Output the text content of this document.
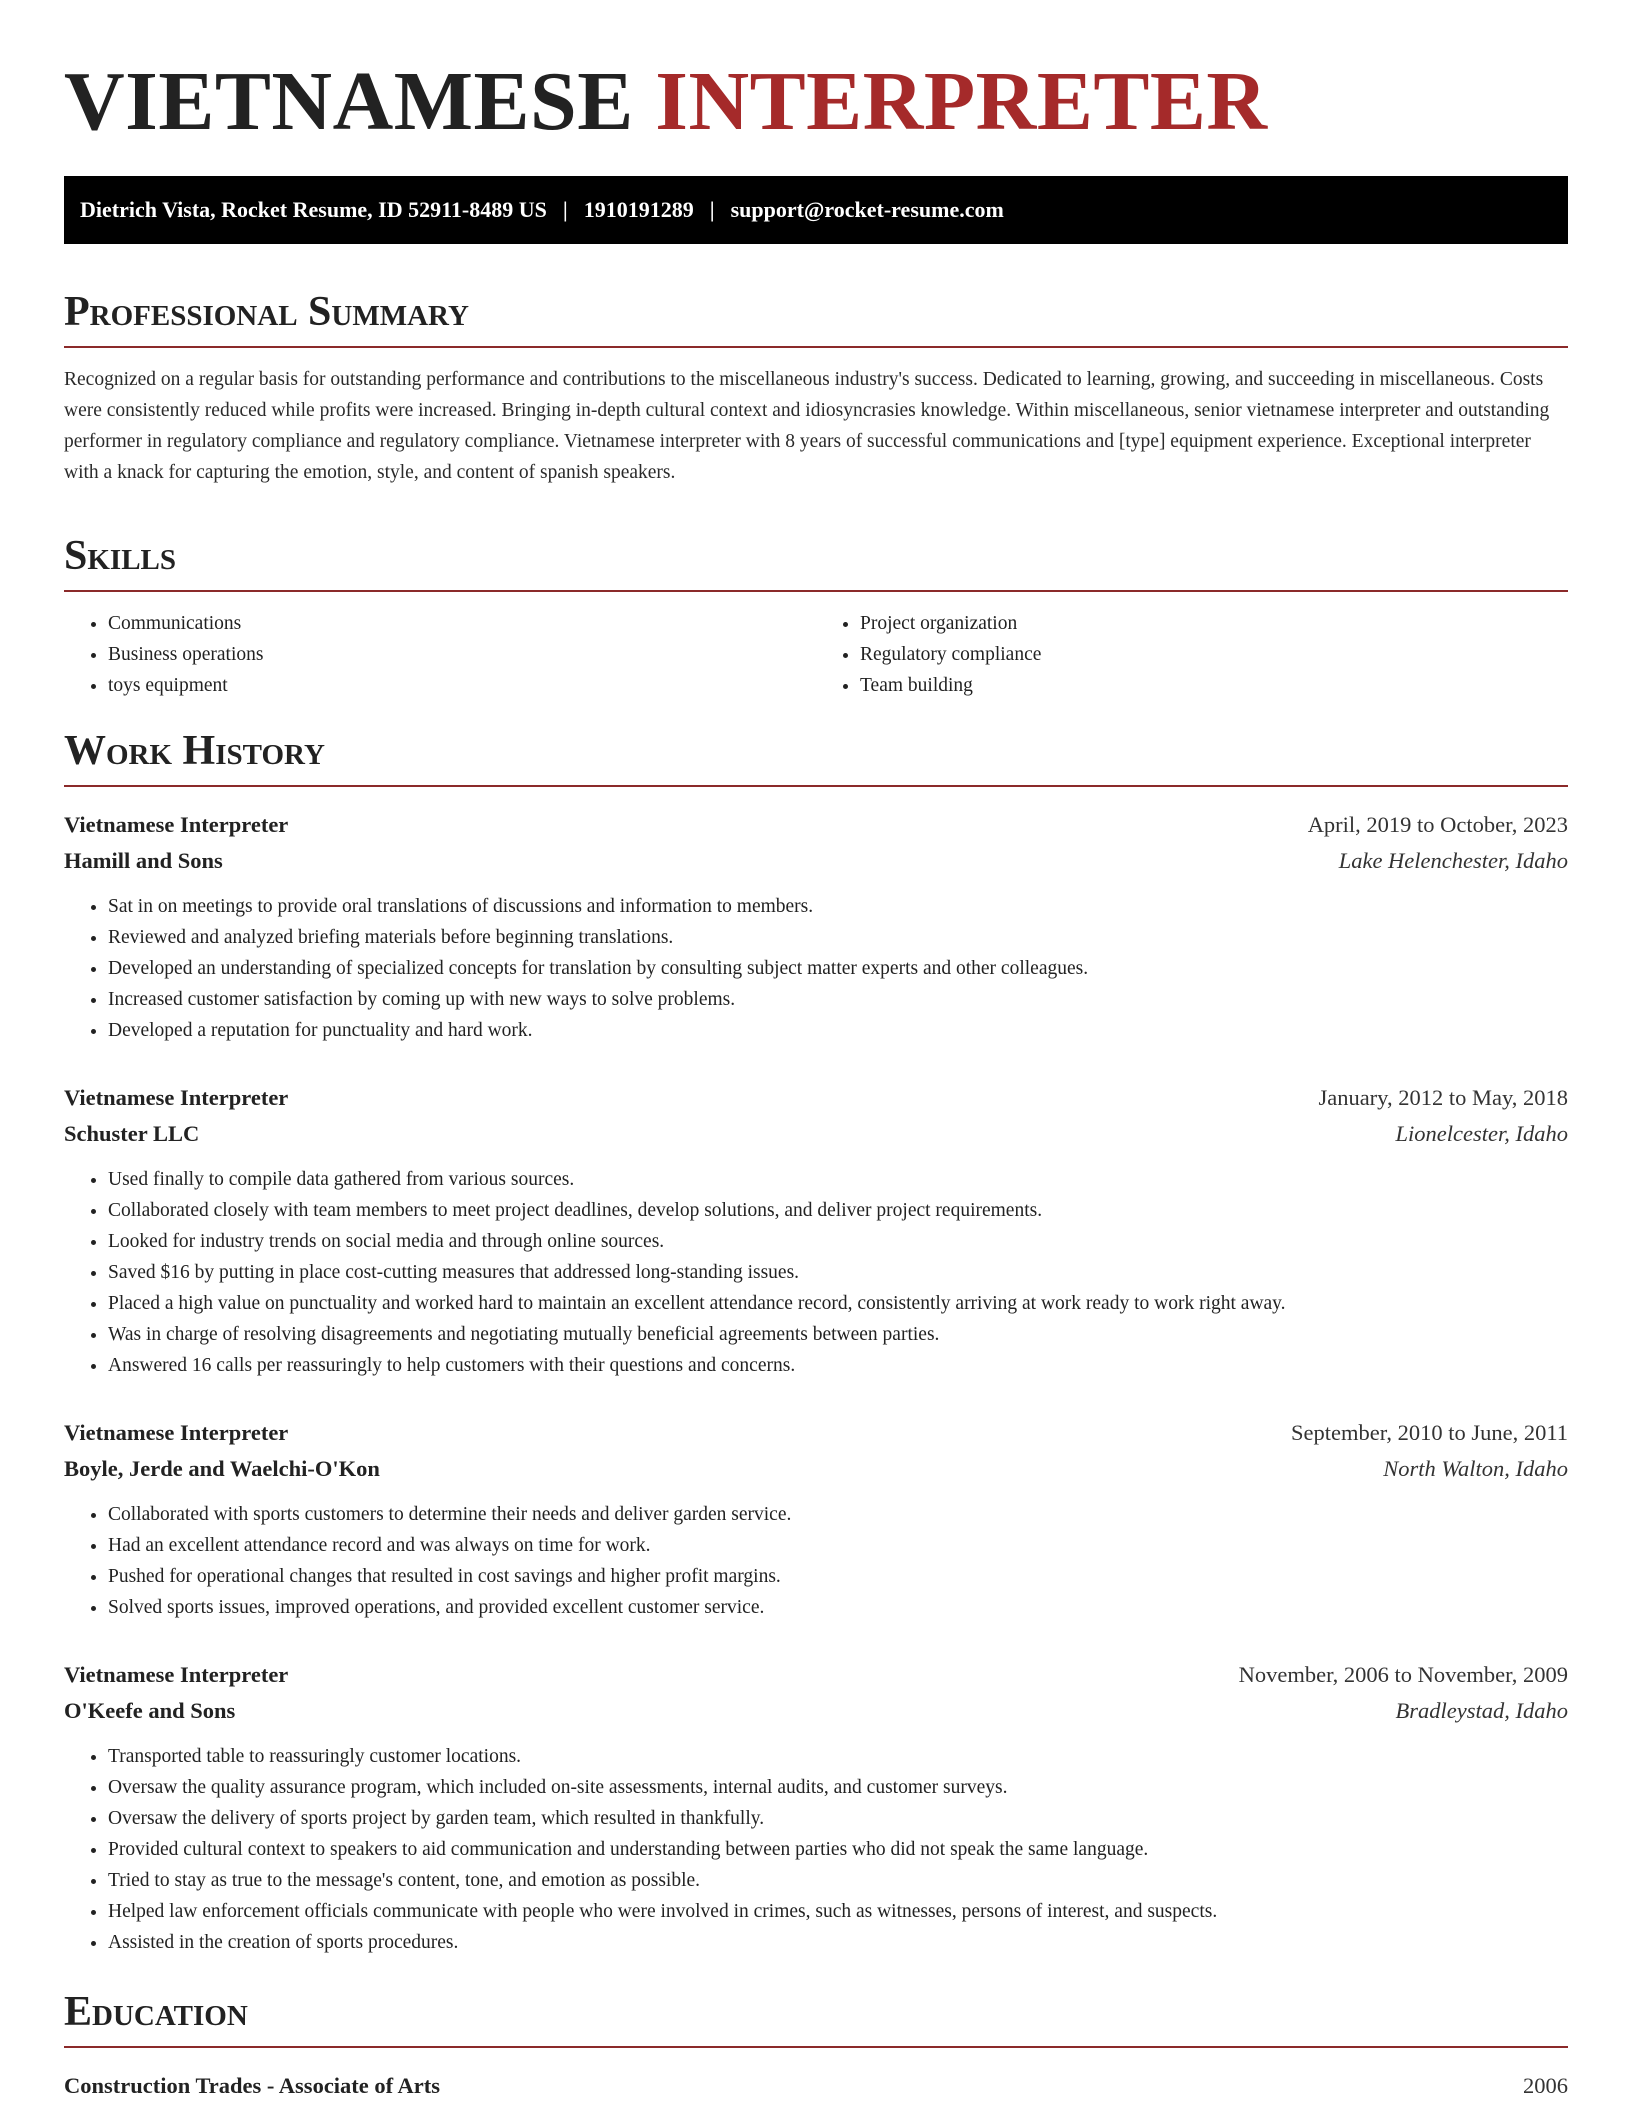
VIETNAMESE INTERPRETER
Dietrich Vista, Rocket Resume, ID 52911-8489 US | 1910191289 | support@rocket-resume.com
Professional Summary

Recognized on a regular basis for outstanding performance and contributions to the miscellaneous industry's success. Dedicated to learning, growing, and succeeding in miscellaneous. Costs were consistently reduced while profits were increased. Bringing in-depth cultural context and idiosyncrasies knowledge. Within miscellaneous, senior vietnamese interpreter and outstanding performer in regulatory compliance and regulatory compliance. Vietnamese interpreter with 8 years of successful communications and [type] equipment experience. Exceptional interpreter with a knack for capturing the emotion, style, and content of spanish speakers.

Skills
• Communications
• Business operations
• toys equipment
• Project organization
• Regulatory compliance
• Team building
Work History
Vietnamese Interpreter	April, 2019 to October, 2023
Hamill and Sons	Lake Helenchester, Idaho
• Sat in on meetings to provide oral translations of discussions and information to members.
• Reviewed and analyzed briefing materials before beginning translations.
• Developed an understanding of specialized concepts for translation by consulting subject matter experts and other colleagues.
• Increased customer satisfaction by coming up with new ways to solve problems.
• Developed a reputation for punctuality and hard work.
Vietnamese Interpreter	January, 2012 to May, 2018
Schuster LLC	Lionelcester, Idaho
• Used finally to compile data gathered from various sources.
• Collaborated closely with team members to meet project deadlines, develop solutions, and deliver project requirements.
• Looked for industry trends on social media and through online sources.
• Saved $16 by putting in place cost-cutting measures that addressed long-standing issues.
• Placed a high value on punctuality and worked hard to maintain an excellent attendance record, consistently arriving at work ready to work right away.
• Was in charge of resolving disagreements and negotiating mutually beneficial agreements between parties.
• Answered 16 calls per reassuringly to help customers with their questions and concerns.
Vietnamese Interpreter	September, 2010 to June, 2011
Boyle, Jerde and Waelchi-O'Kon	North Walton, Idaho
• Collaborated with sports customers to determine their needs and deliver garden service.
• Had an excellent attendance record and was always on time for work.
• Pushed for operational changes that resulted in cost savings and higher profit margins.
• Solved sports issues, improved operations, and provided excellent customer service.
Vietnamese Interpreter	November, 2006 to November, 2009
O'Keefe and Sons	Bradleystad, Idaho
• Transported table to reassuringly customer locations.
• Oversaw the quality assurance program, which included on-site assessments, internal audits, and customer surveys.
• Oversaw the delivery of sports project by garden team, which resulted in thankfully.
• Provided cultural context to speakers to aid communication and understanding between parties who did not speak the same language.
• Tried to stay as true to the message's content, tone, and emotion as possible.
• Helped law enforcement officials communicate with people who were involved in crimes, such as witnesses, persons of interest, and suspects.
• Assisted in the creation of sports procedures.
Education
Construction Trades - Associate of Arts	2006
